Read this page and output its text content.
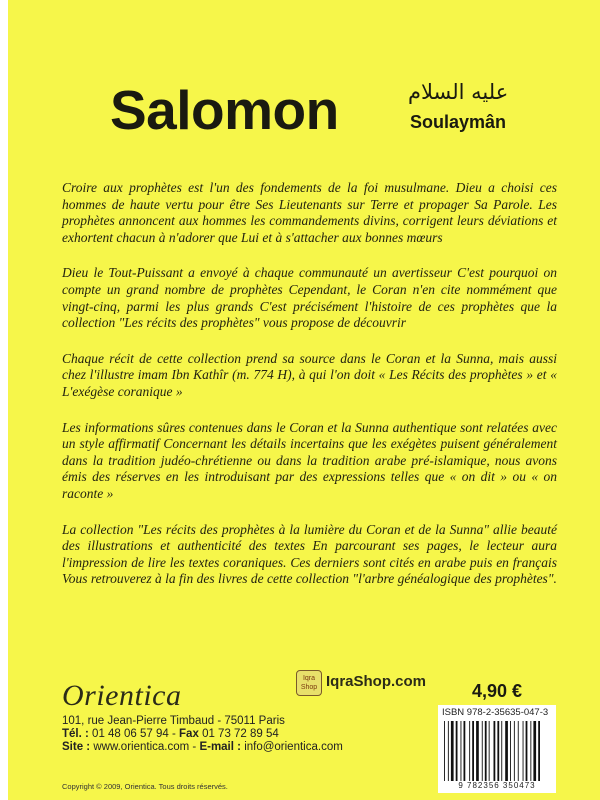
Salomon	عليه السلام
Soulaymân

Croire aux prophètes est l'un des fondements de la foi musulmane. Dieu a choisi ces hommes de haute vertu pour être Ses Lieutenants sur Terre et propager Sa Parole. Les prophètes annoncent aux hommes les commandements divins, corrigent leurs déviations et exhortent chacun à n'adorer que Lui et à s'attacher aux bonnes mœurs

Dieu le Tout-Puissant a envoyé à chaque communauté un avertisseur C'est pourquoi on compte un grand nombre de prophètes Cependant, le Coran n'en cite nommément que vingt-cinq, parmi les plus grands C'est précisément l'histoire de ces prophètes que la collection "Les récits des prophètes" vous propose de découvrir

Chaque récit de cette collection prend sa source dans le Coran et la Sunna, mais aussi chez l'illustre imam Ibn Kathîr (m. 774 H), à qui l'on doit « Les Récits des prophètes » et « L'exégèse coranique »

Les informations sûres contenues dans le Coran et la Sunna authentique sont relatées avec un style affirmatif Concernant les détails incertains que les exégètes puisent généralement dans la tradition judéo-chrétienne ou dans la tradition arabe pré-islamique, nous avons émis des réserves en les introduisant par des expressions telles que « on dit » ou « on raconte »

La collection "Les récits des prophètes à la lumière du Coran et de la Sunna" allie beauté des illustrations et authenticité des textes En parcourant ses pages, le lecteur aura l'impression de lire les textes coraniques. Ces derniers sont cités en arabe puis en français Vous retrouverez à la fin des livres de cette collection "l'arbre généalogique des prophètes".

Orientica
101, rue Jean-Pierre Timbaud - 75011 Paris
Tél. : 01 48 06 57 94 - Fax 01 73 72 89 54
Site : www.orientica.com - E-mail : info@orientica.com
Copyright © 2009, Orientica. Tous droits réservés.
Iqra Shop IqraShop.com	4,90 €
ISBN 978-2-35635-047-3
9 782356 350473
